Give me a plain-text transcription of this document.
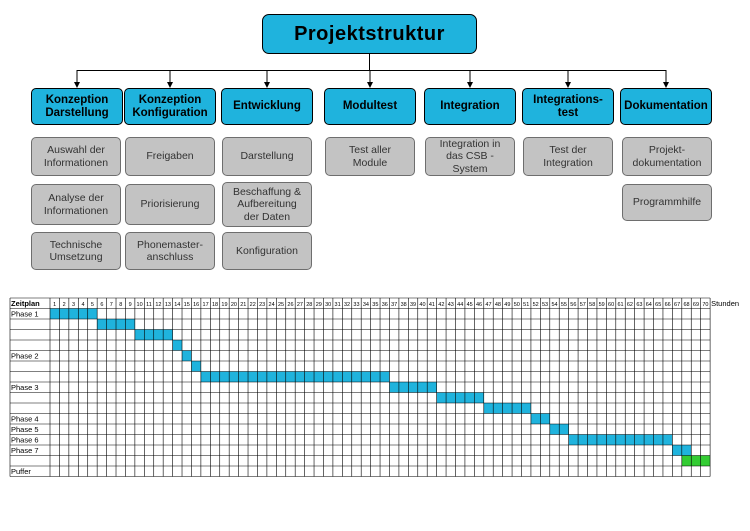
Projektstruktur
Konzeption
Darstellung
Konzeption
Konfiguration
Entwicklung	Modultest	Integration
Integrations-
test
Dokumentation
Auswahl der
Informationen
Analyse der
Informationen
Technische
Umsetzung
Freigaben
Priorisierung
Phonemaster-
anschluss
Darstellung
Beschaffung &
Aufbereitung
der Daten
Konfiguration
Test aller
Module
Integration in
das CSB -
System
Test der
Integration
Projekt-
dokumentation
Programmhilfe
Zeitplan 1 2 3 4 5 6 7 8 9 10 11 12 13 14 15 16 17 18 19 20 21 22 23 24 25 26 27 28 29 30 31 32 33 34 35 36 37 38 39 40 41 42 43 44 45 46 47 48 49 50 51 52 53 54 55 56 57 58 59 60 61 62 63 64 65 66 67 68 69 70 Stunden
Phase 1
Phase 2
Phase 3
Phase 4
Phase 5
Phase 6
Phase 7
Puffer
